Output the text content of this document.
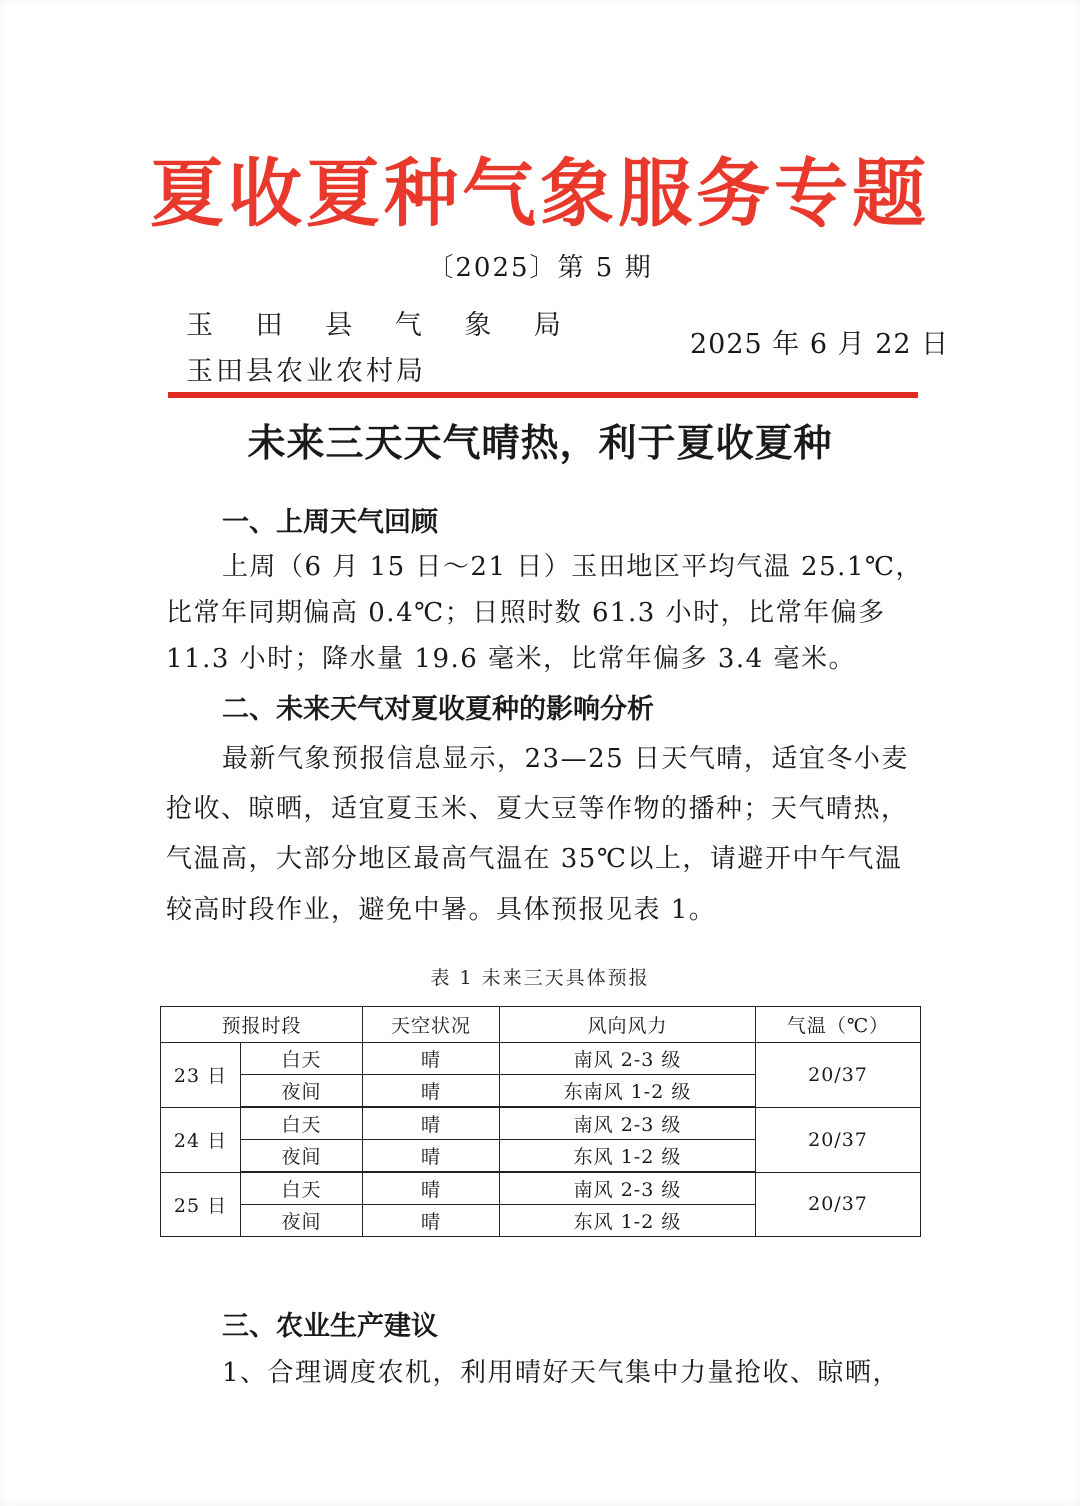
夏收夏种气象服务专题
〔2025〕第 5 期
玉 田 县 气 象 局
玉田县农业农村局
2025 年 6 月 22 日
未来三天天气晴热，利于夏收夏种
一、上周天气回顾
上周（6 月 15 日～21 日）玉田地区平均气温 25.1℃，
比常年同期偏高 0.4℃；日照时数 61.3 小时，比常年偏多
11.3 小时；降水量 19.6 毫米，比常年偏多 3.4 毫米。
二、未来天气对夏收夏种的影响分析
最新气象预报信息显示，23—25 日天气晴，适宜冬小麦
抢收、晾晒，适宜夏玉米、夏大豆等作物的播种；天气晴热，
气温高，大部分地区最高气温在 35℃以上，请避开中午气温
较高时段作业，避免中暑。具体预报见表 1。
表 1 未来三天具体预报
预报时段		天空状况	风向风力	气温（℃）
23 日	白天	晴	南风 2-3 级	20/37
	夜间	晴	东南风 1-2 级	
24 日	白天	晴	南风 2-3 级	20/37
	夜间	晴	东风 1-2 级	
25 日	白天	晴	南风 2-3 级	20/37
	夜间	晴	东风 1-2 级	
三、农业生产建议
1、合理调度农机，利用晴好天气集中力量抢收、晾晒，
